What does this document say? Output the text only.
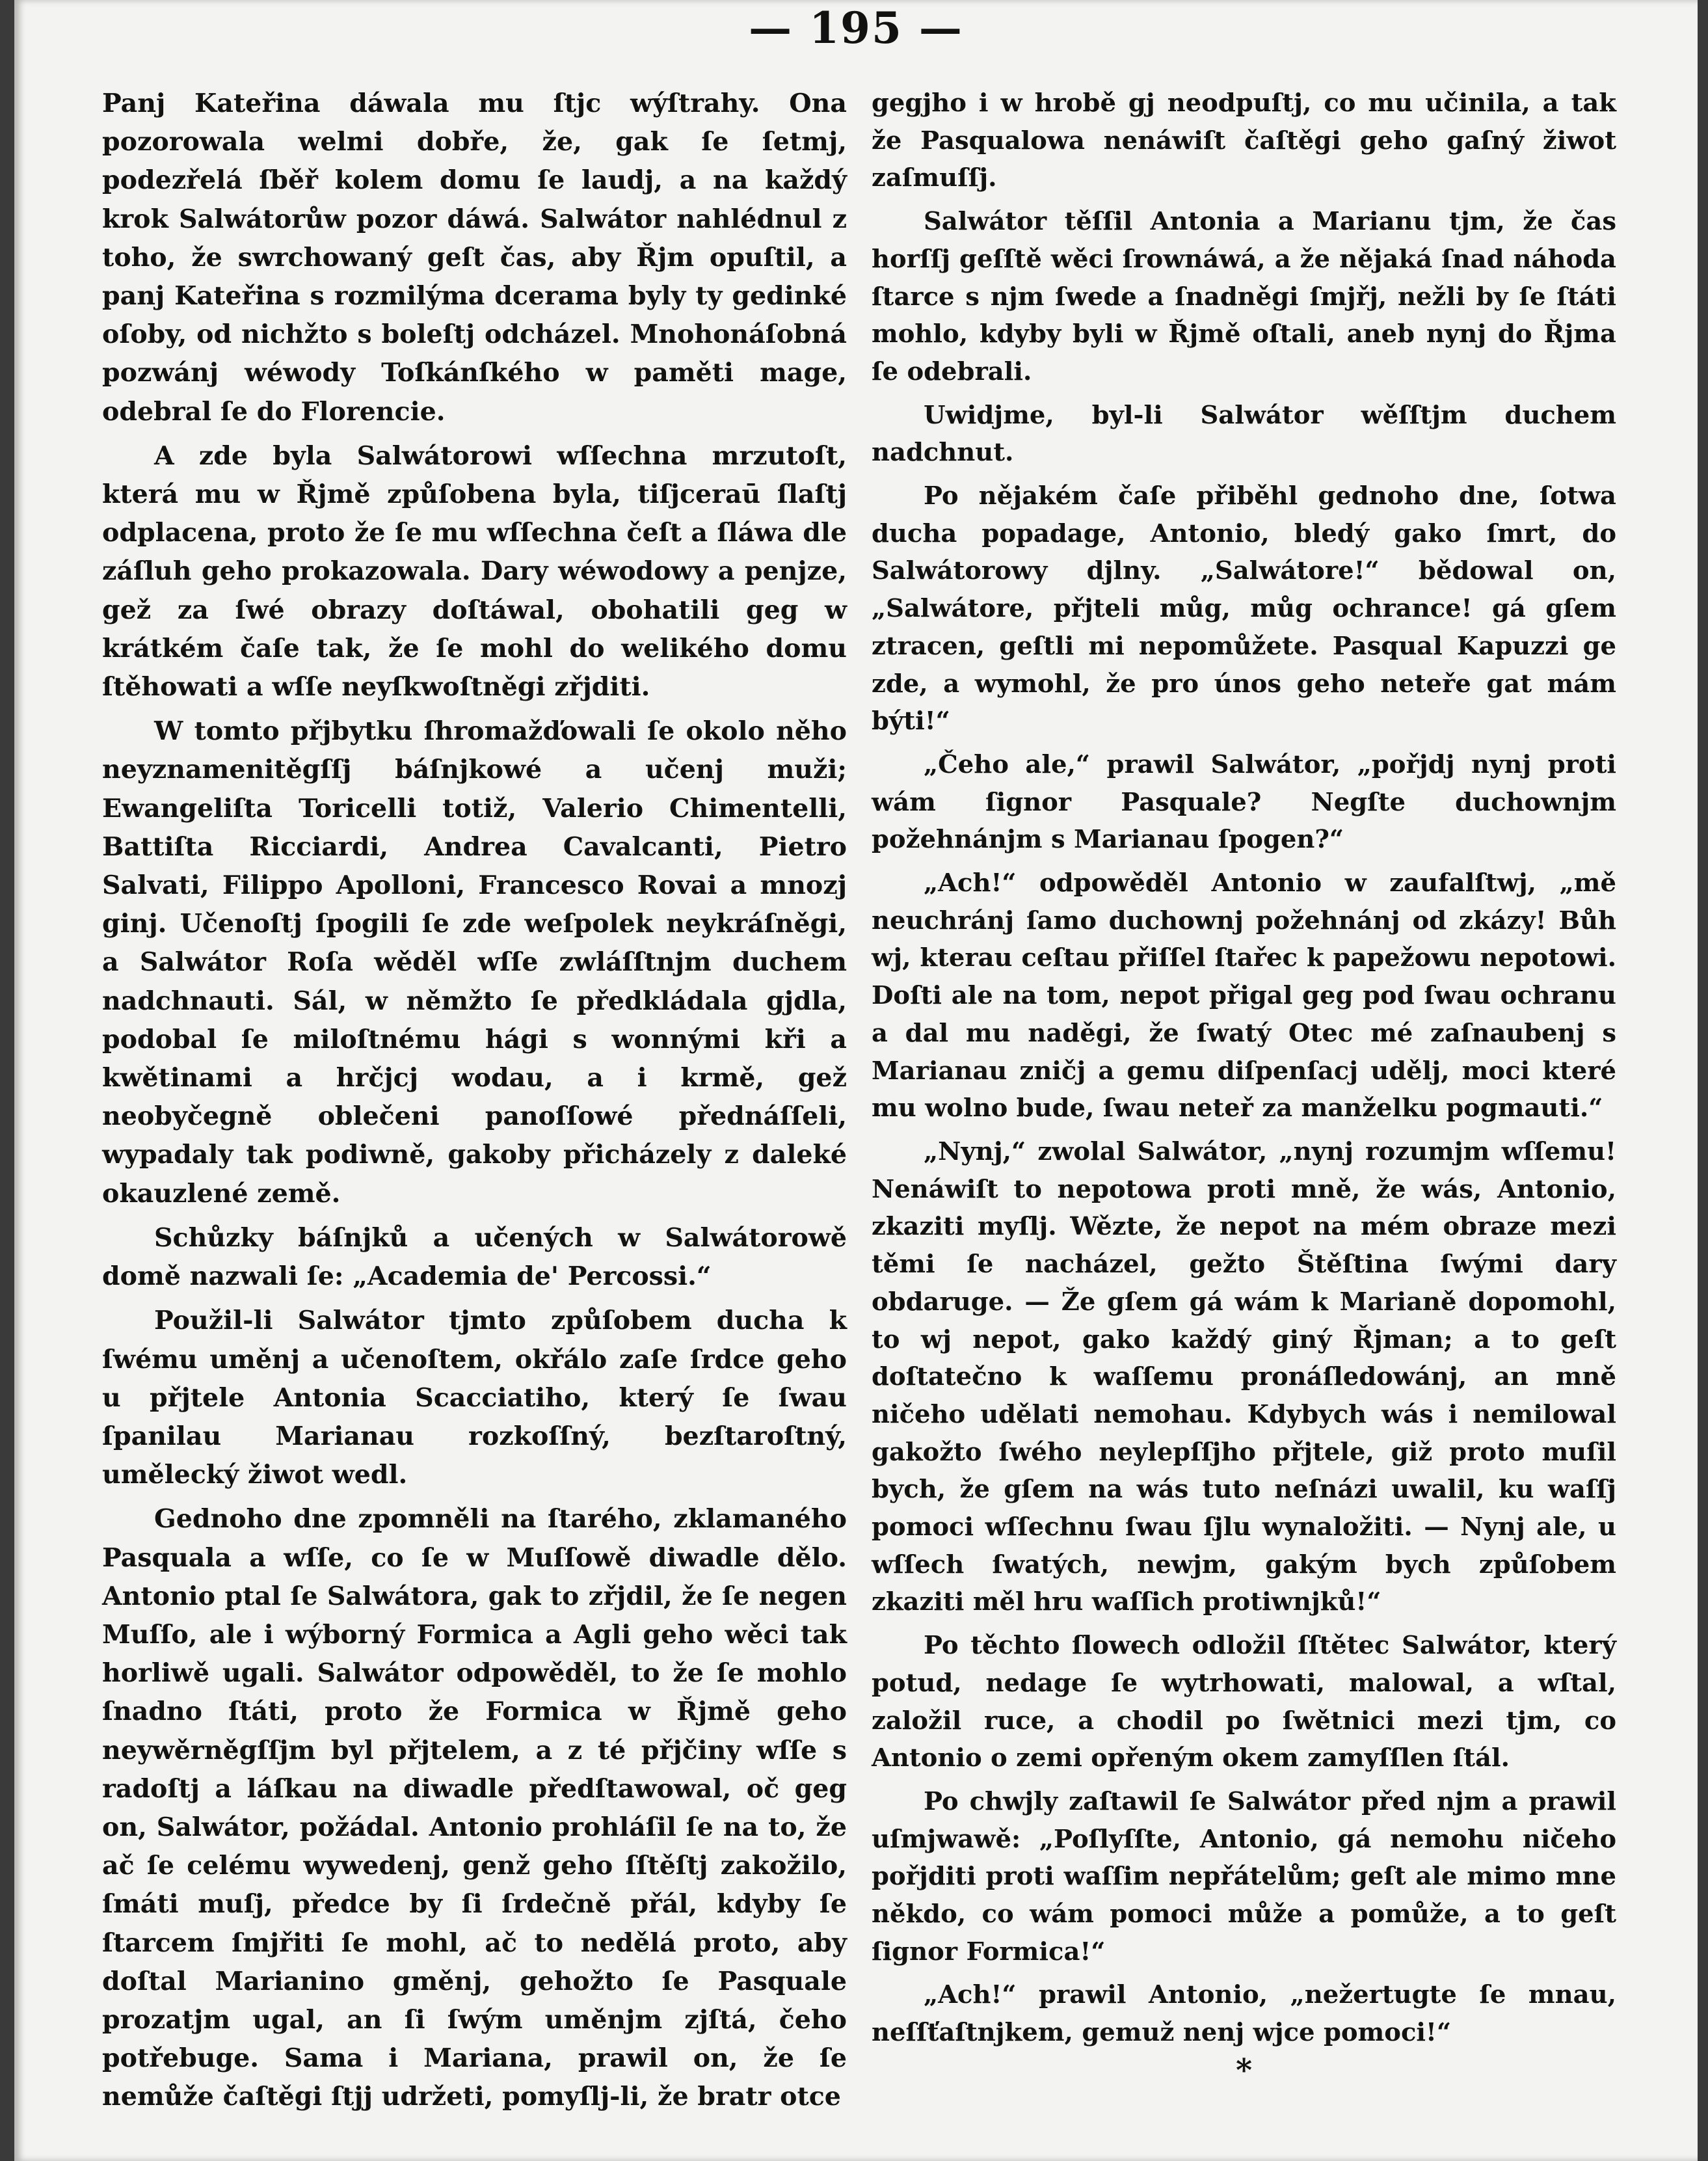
— 195 —

Panj Kateřina dáwala mu ſtjc wýſtrahy. Ona pozorowala welmi dobře, že, gak ſe ſetmj, podezřelá ſběř kolem domu ſe laudj, a na každý krok Salwátorůw pozor dáwá. Salwátor nahlédnul z toho, že swrchowaný geſt čas, aby Řjm opuſtil, a panj Kateřina s rozmilýma dcerama byly ty gedinké oſoby, od nichžto s boleſtj odcházel. Mnohonáſobná pozwánj wéwody Toſkánſkého w paměti mage, odebral ſe do Florencie.

A zde byla Salwátorowi wſſechna mrzutoſt, která mu w Řjmě způſobena byla, tiſjceraū ſlaſtj odplacena, proto že ſe mu wſſechna čeſt a ſláwa dle záſluh geho prokazowala. Dary wéwodowy a penjze, gež za ſwé obrazy doſtáwal, obohatili geg w krátkém čaſe tak, že ſe mohl do welikého domu ſtěhowati a wſſe neyſkwoſtněgi zřjditi.

W tomto přjbytku ſhromažďowali ſe okolo něho neyznamenitěgſſj báſnjkowé a učenj muži; Ewangeliſta Toricelli totiž, Valerio Chimentelli, Battiſta Ricciardi, Andrea Cavalcanti, Pietro Salvati, Filippo Apolloni, Francesco Rovai a mnozj ginj. Učenoſtj ſpogili ſe zde weſpolek neykráſněgi, a Salwátor Roſa wěděl wſſe zwláſſtnjm duchem nadchnauti. Sál, w němžto ſe předkládala gjdla, podobal ſe miloſtnému hági s wonnými kři a kwětinami a hrčjcj wodau, a i krmě, gež neobyčegně oblečeni panoſſowé přednáſſeli, wypadaly tak podiwně, gakoby přicházely z daleké okauzlené země.

Schůzky báſnjků a učených w Salwátorowě domě nazwali ſe: „Academia de' Percossi.“

Použil-li Salwátor tjmto způſobem ducha k ſwému uměnj a učenoſtem, okřálo zaſe ſrdce geho u přjtele Antonia Scacciatiho, který ſe ſwau ſpanilau Marianau rozkoſſný, bezſtaroſtný, umělecký žiwot wedl.

Gednoho dne zpomněli na ſtarého, zklamaného Pasquala a wſſe, co ſe w Muſſowě diwadle dělo. Antonio ptal ſe Salwátora, gak to zřjdil, že ſe negen Muſſo, ale i wýborný Formica a Agli geho wěci tak horliwě ugali. Salwátor odpowěděl, to že ſe mohlo ſnadno ſtáti, proto že Formica w Řjmě geho neywěrněgſſjm byl přjtelem, a z té přjčiny wſſe s radoſtj a láſkau na diwadle předſtawowal, oč geg on, Salwátor, požádal. Antonio prohláſil ſe na to, že ač ſe celému wywedenj, genž geho ſſtěſtj zakožilo, ſmáti muſj, předce by ſi ſrdečně přál, kdyby ſe ſtarcem ſmjřiti ſe mohl, ač to nedělá proto, aby doſtal Marianino gměnj, gehožto ſe Pasquale prozatjm ugal, an ſi ſwým uměnjm zjſtá, čeho potřebuge. Sama i Mariana, prawil on, že ſe nemůže čaſtěgi ſtjj udržeti, pomyſlj-li, že bratr otce

gegjho i w hrobě gj neodpuſtj, co mu učinila, a tak že Pasqualowa nenáwiſt čaſtěgi geho gaſný žiwot zaſmuſſj.

Salwátor těſſil Antonia a Marianu tjm, že čas horſſj geſſtě wěci ſrownáwá, a že nějaká ſnad náhoda ſtarce s njm ſwede a ſnadněgi ſmjřj, nežli by ſe ſtáti mohlo, kdyby byli w Řjmě oſtali, aneb nynj do Řjma ſe odebrali.

Uwidjme, byl-li Salwátor wěſſtjm duchem nadchnut.

Po nějakém čaſe přiběhl gednoho dne, ſotwa ducha popadage, Antonio, bledý gako ſmrt, do Salwátorowy djlny. „Salwátore!“ bědowal on, „Salwátore, přjteli můg, můg ochrance! gá gſem ztracen, geſtli mi nepomůžete. Pasqual Kapuzzi ge zde, a wymohl, že pro únos geho neteře gat mám býti!“

„Čeho ale,“ prawil Salwátor, „pořjdj nynj proti wám ſignor Pasquale? Negſte duchownjm požehnánjm s Marianau ſpogen?“

„Ach!“ odpowěděl Antonio w zaufalſtwj, „mě neuchránj ſamo duchownj požehnánj od zkázy! Bůh wj, kterau ceſtau přiſſel ſtařec k papežowu nepotowi. Doſti ale na tom, nepot přigal geg pod ſwau ochranu a dal mu naděgi, že ſwatý Otec mé zaſnaubenj s Marianau zničj a gemu diſpenſacj udělj, moci které mu wolno bude, ſwau neteř za manželku pogmauti.“

„Nynj,“ zwolal Salwátor, „nynj rozumjm wſſemu! Nenáwiſt to nepotowa proti mně, že wás, Antonio, zkaziti myſlj. Wězte, že nepot na mém obraze mezi těmi ſe nacházel, gežto Štěſtina ſwými dary obdaruge. — Že gſem gá wám k Marianě dopomohl, to wj nepot, gako každý giný Řjman; a to geſt doſtatečno k waſſemu pronáſledowánj, an mně ničeho udělati nemohau. Kdybych wás i nemilowal gakožto ſwého neylepſſjho přjtele, giž proto muſil bych, že gſem na wás tuto neſnázi uwalil, ku waſſj pomoci wſſechnu ſwau ſjlu wynaložiti. — Nynj ale, u wſſech ſwatých, newjm, gakým bych způſobem zkaziti měl hru waſſich protiwnjků!“

Po těchto ſlowech odložil ſſtětec Salwátor, který potud, nedage ſe wytrhowati, malowal, a wſtal, založil ruce, a chodil po ſwětnici mezi tjm, co Antonio o zemi opřeným okem zamyſſlen ſtál.

Po chwjly zaſtawil ſe Salwátor před njm a prawil uſmjwawě: „Poſlyſſte, Antonio, gá nemohu ničeho pořjditi proti waſſim nepřátelům; geſt ale mimo mne někdo, co wám pomoci může a pomůže, a to geſt ſignor Formica!“

„Ach!“ prawil Antonio, „nežertugte ſe mnau, neſſťaſtnjkem, gemuž nenj wjce pomoci!“

*
